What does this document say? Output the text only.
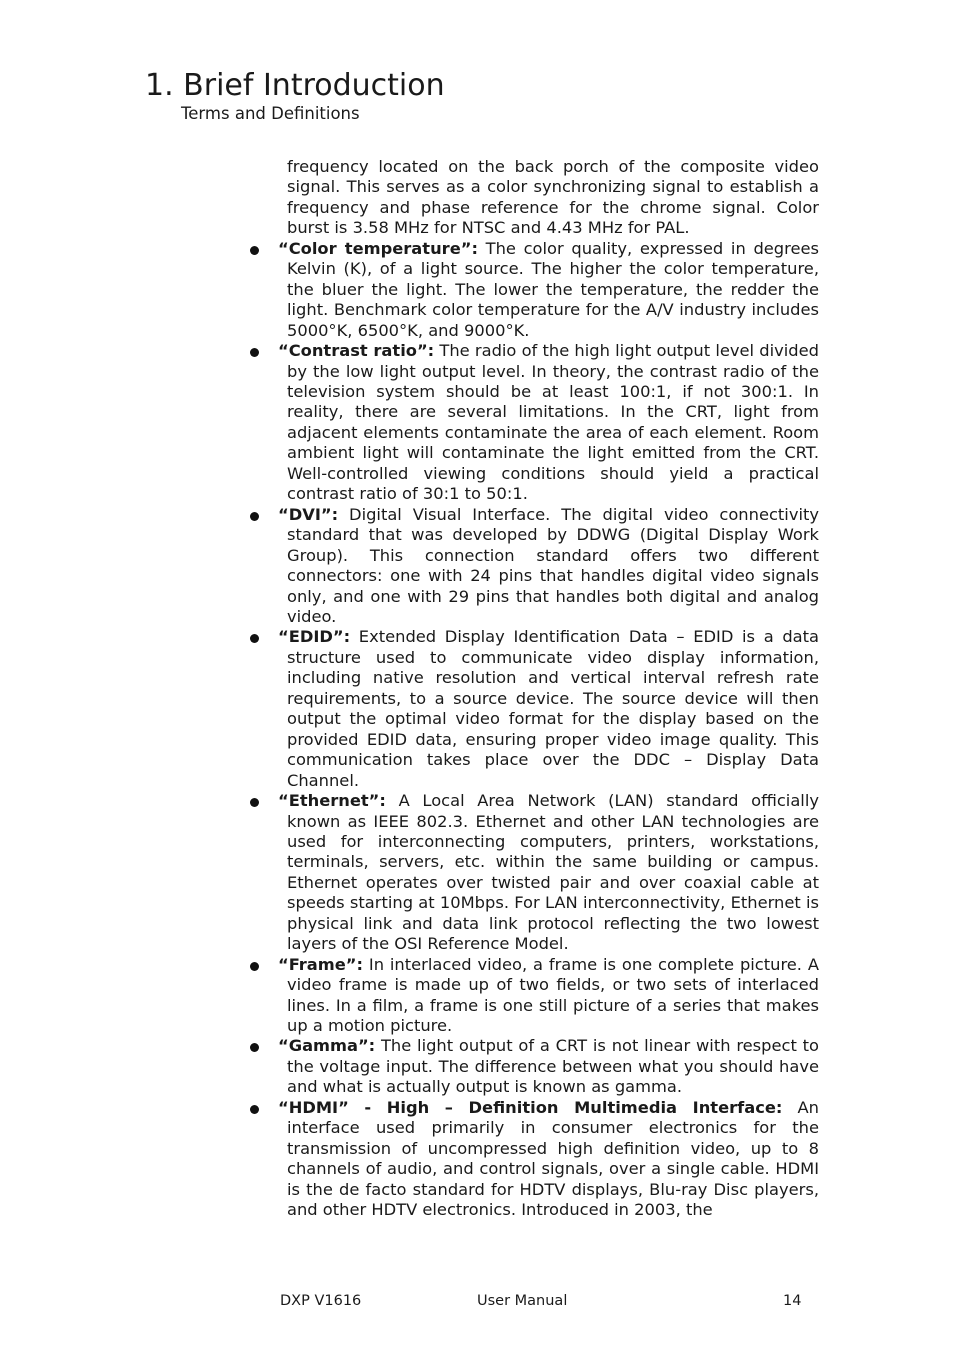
1. Brief Introduction
Terms and Definitions

frequency located on the back porch of the composite video signal. This serves as a color synchronizing signal to establish a frequency and phase reference for the chrome signal. Color burst is 3.58 MHz for NTSC and 4.43 MHz for PAL.

“Color temperature”: The color quality, expressed in degrees Kelvin (K), of a light source. The higher the color temperature, the bluer the light. The lower the temperature, the redder the light. Benchmark color temperature for the A/V industry includes 5000°K, 6500°K, and 9000°K.
“Contrast ratio”: The radio of the high light output level divided by the low light output level. In theory, the contrast radio of the television system should be at least 100:1, if not 300:1. In reality, there are several limitations. In the CRT, light from adjacent elements contaminate the area of each element. Room ambient light will contaminate the light emitted from the CRT. Well-controlled viewing conditions should yield a practical contrast ratio of 30:1 to 50:1.
“DVI”: Digital Visual Interface. The digital video connectivity standard that was developed by DDWG (Digital Display Work Group). This connection standard offers two different connectors: one with 24 pins that handles digital video signals only, and one with 29 pins that handles both digital and analog video.
“EDID”: Extended Display Identification Data – EDID is a data structure used to communicate video display information, including native resolution and vertical interval refresh rate requirements, to a source device. The source device will then output the optimal video format for the display based on the provided EDID data, ensuring proper video image quality. This communication takes place over the DDC – Display Data Channel.
“Ethernet”: A Local Area Network (LAN) standard officially known as IEEE 802.3. Ethernet and other LAN technologies are used for interconnecting computers, printers, workstations, terminals, servers, etc. within the same building or campus. Ethernet operates over twisted pair and over coaxial cable at speeds starting at 10Mbps. For LAN interconnectivity, Ethernet is physical link and data link protocol reflecting the two lowest layers of the OSI Reference Model.
“Frame”: In interlaced video, a frame is one complete picture. A video frame is made up of two fields, or two sets of interlaced lines. In a film, a frame is one still picture of a series that makes up a motion picture.
“Gamma”: The light output of a CRT is not linear with respect to the voltage input. The difference between what you should have and what is actually output is known as gamma.
“HDMI” - High – Definition Multimedia Interface: An interface used primarily in consumer electronics for the transmission of uncompressed high definition video, up to 8 channels of audio, and control signals, over a single cable. HDMI is the de facto standard for HDTV displays, Blu-ray Disc players, and other HDTV electronics. Introduced in 2003, the
DXP V1616	User Manual	14
